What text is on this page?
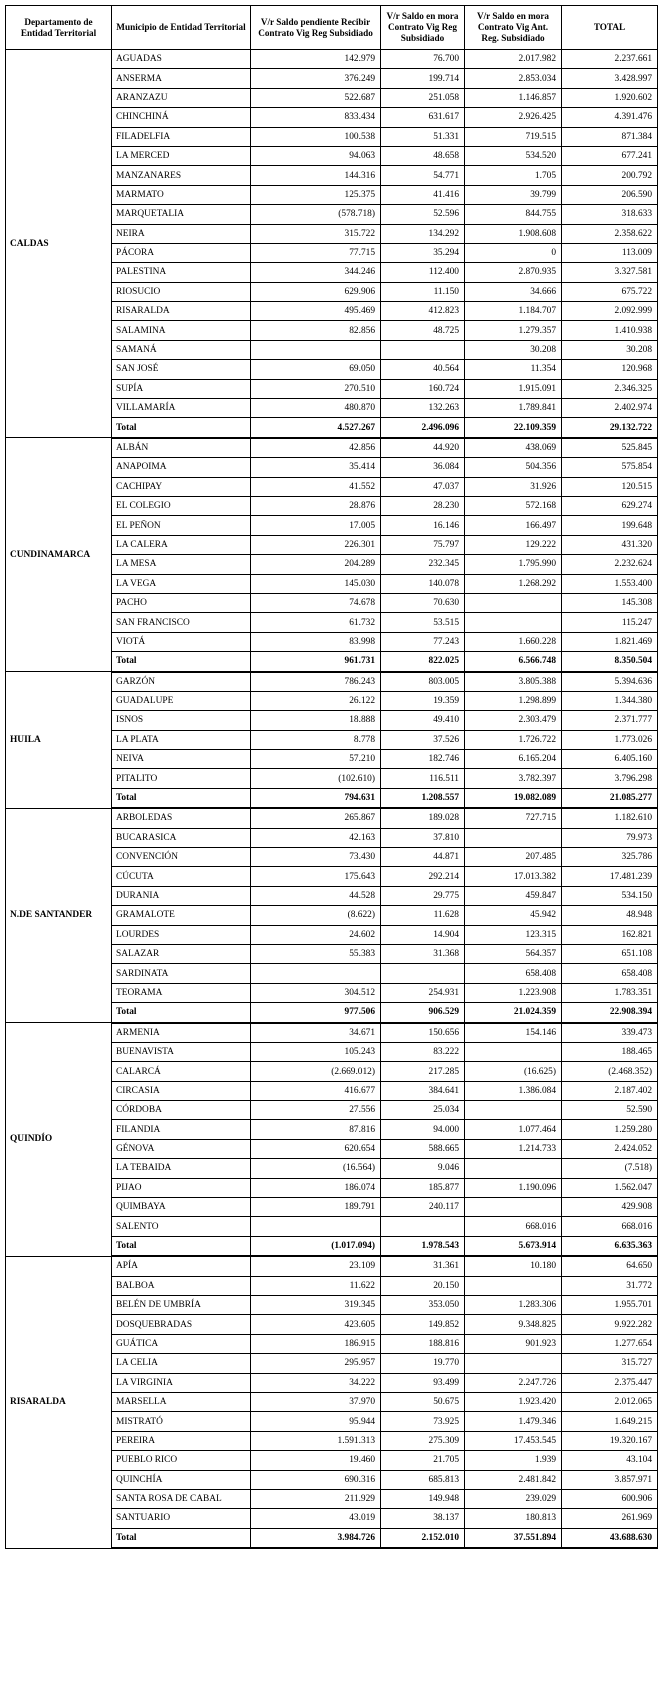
Departamento de Entidad Territorial	Municipio de Entidad Territorial	V/r Saldo pendiente Recibir Contrato Vig Reg Subsidiado	V/r Saldo en mora Contrato Vig Reg Subsidiado	V/r Saldo en mora Contrato Vig Ant. Reg. Subsidiado	TOTAL
CALDAS	AGUADAS	142.979	76.700	2.017.982	2.237.661
	ANSERMA	376.249	199.714	2.853.034	3.428.997
	ARANZAZU	522.687	251.058	1.146.857	1.920.602
	CHINCHINÁ	833.434	631.617	2.926.425	4.391.476
	FILADELFIA	100.538	51.331	719.515	871.384
	LA MERCED	94.063	48.658	534.520	677.241
	MANZANARES	144.316	54.771	1.705	200.792
	MARMATO	125.375	41.416	39.799	206.590
	MARQUETALIA	(578.718)	52.596	844.755	318.633
	NEIRA	315.722	134.292	1.908.608	2.358.622
	PÁCORA	77.715	35.294	0	113.009
	PALESTINA	344.246	112.400	2.870.935	3.327.581
	RIOSUCIO	629.906	11.150	34.666	675.722
	RISARALDA	495.469	412.823	1.184.707	2.092.999
	SALAMINA	82.856	48.725	1.279.357	1.410.938
	SAMANÁ			30.208	30.208
	SAN JOSÉ	69.050	40.564	11.354	120.968
	SUPÍA	270.510	160.724	1.915.091	2.346.325
	VILLAMARÍA	480.870	132.263	1.789.841	2.402.974
	Total	4.527.267	2.496.096	22.109.359	29.132.722
CUNDINAMARCA	ALBÁN	42.856	44.920	438.069	525.845
	ANAPOIMA	35.414	36.084	504.356	575.854
	CACHIPAY	41.552	47.037	31.926	120.515
	EL COLEGIO	28.876	28.230	572.168	629.274
	EL PEÑON	17.005	16.146	166.497	199.648
	LA CALERA	226.301	75.797	129.222	431.320
	LA MESA	204.289	232.345	1.795.990	2.232.624
	LA VEGA	145.030	140.078	1.268.292	1.553.400
	PACHO	74.678	70.630		145.308
	SAN FRANCISCO	61.732	53.515		115.247
	VIOTÁ	83.998	77.243	1.660.228	1.821.469
	Total	961.731	822.025	6.566.748	8.350.504
HUILA	GARZÓN	786.243	803.005	3.805.388	5.394.636
	GUADALUPE	26.122	19.359	1.298.899	1.344.380
	ISNOS	18.888	49.410	2.303.479	2.371.777
	LA PLATA	8.778	37.526	1.726.722	1.773.026
	NEIVA	57.210	182.746	6.165.204	6.405.160
	PITALITO	(102.610)	116.511	3.782.397	3.796.298
	Total	794.631	1.208.557	19.082.089	21.085.277
N.DE SANTANDER	ARBOLEDAS	265.867	189.028	727.715	1.182.610
	BUCARASICA	42.163	37.810		79.973
	CONVENCIÓN	73.430	44.871	207.485	325.786
	CÚCUTA	175.643	292.214	17.013.382	17.481.239
	DURANIA	44.528	29.775	459.847	534.150
	GRAMALOTE	(8.622)	11.628	45.942	48.948
	LOURDES	24.602	14.904	123.315	162.821
	SALAZAR	55.383	31.368	564.357	651.108
	SARDINATA			658.408	658.408
	TEORAMA	304.512	254.931	1.223.908	1.783.351
	Total	977.506	906.529	21.024.359	22.908.394
QUINDÍO	ARMENIA	34.671	150.656	154.146	339.473
	BUENAVISTA	105.243	83.222		188.465
	CALARCÁ	(2.669.012)	217.285	(16.625)	(2.468.352)
	CIRCASIA	416.677	384.641	1.386.084	2.187.402
	CÓRDOBA	27.556	25.034		52.590
	FILANDIA	87.816	94.000	1.077.464	1.259.280
	GÉNOVA	620.654	588.665	1.214.733	2.424.052
	LA TEBAIDA	(16.564)	9.046		(7.518)
	PIJAO	186.074	185.877	1.190.096	1.562.047
	QUIMBAYA	189.791	240.117		429.908
	SALENTO			668.016	668.016
	Total	(1.017.094)	1.978.543	5.673.914	6.635.363
RISARALDA	APÍA	23.109	31.361	10.180	64.650
	BALBOA	11.622	20.150		31.772
	BELÉN DE UMBRÍA	319.345	353.050	1.283.306	1.955.701
	DOSQUEBRADAS	423.605	149.852	9.348.825	9.922.282
	GUÁTICA	186.915	188.816	901.923	1.277.654
	LA CELIA	295.957	19.770		315.727
	LA VIRGINIA	34.222	93.499	2.247.726	2.375.447
	MARSELLA	37.970	50.675	1.923.420	2.012.065
	MISTRATÓ	95.944	73.925	1.479.346	1.649.215
	PEREIRA	1.591.313	275.309	17.453.545	19.320.167
	PUEBLO RICO	19.460	21.705	1.939	43.104
	QUINCHÍA	690.316	685.813	2.481.842	3.857.971
	SANTA ROSA DE CABAL	211.929	149.948	239.029	600.906
	SANTUARIO	43.019	38.137	180.813	261.969
	Total	3.984.726	2.152.010	37.551.894	43.688.630
